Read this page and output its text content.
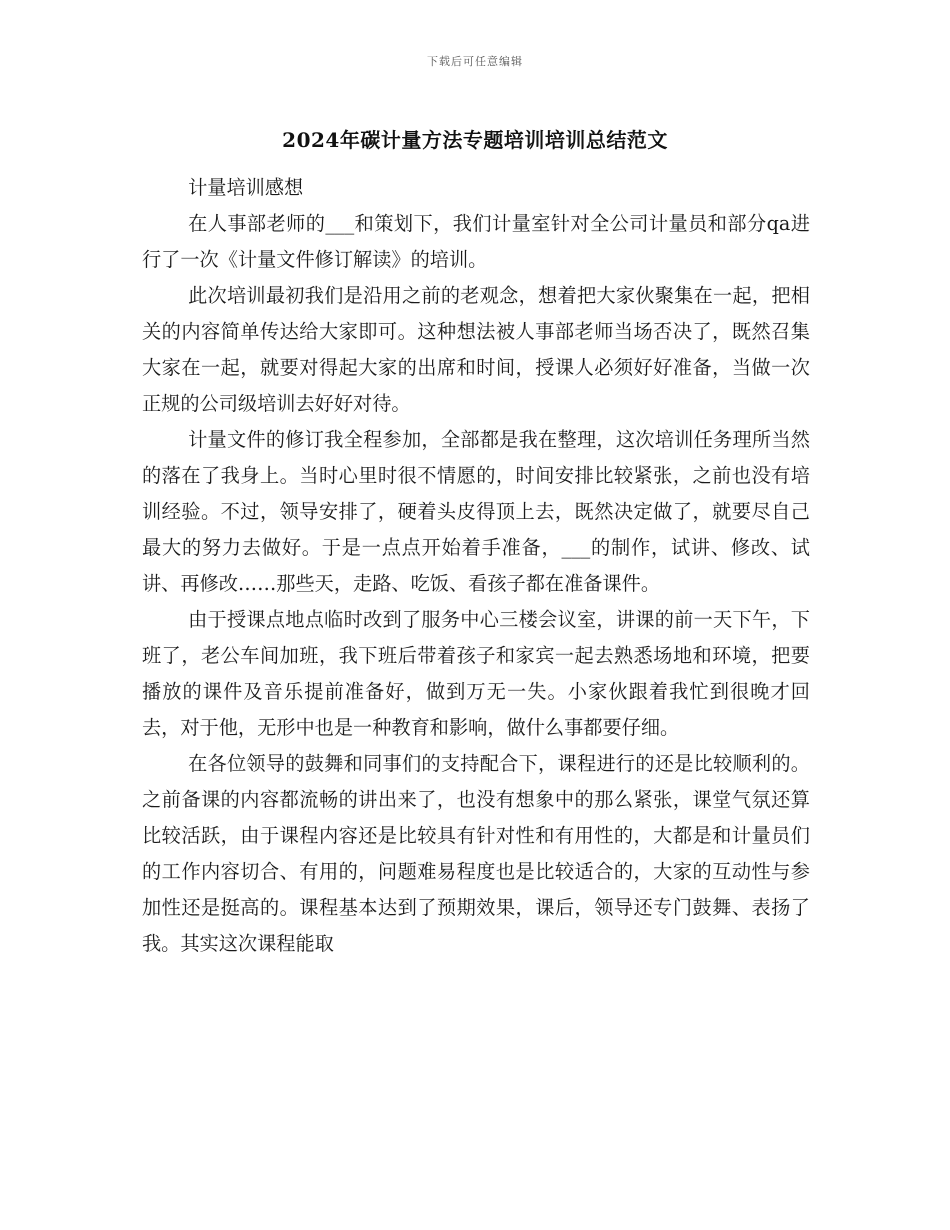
下载后可任意编辑
2024年碳计量方法专题培训培训总结范文

计量培训感想

在人事部老师的___和策划下，我们计量室针对全公司计量员和部分qa进行了一次《计量文件修订解读》的培训。

此次培训最初我们是沿用之前的老观念，想着把大家伙聚集在一起，把相关的内容简单传达给大家即可。这种想法被人事部老师当场否决了，既然召集大家在一起，就要对得起大家的出席和时间，授课人必须好好准备，当做一次正规的公司级培训去好好对待。

计量文件的修订我全程参加，全部都是我在整理，这次培训任务理所当然的落在了我身上。当时心里时很不情愿的，时间安排比较紧张，之前也没有培训经验。不过，领导安排了，硬着头皮得顶上去，既然决定做了，就要尽自己最大的努力去做好。于是一点点开始着手准备，___的制作，试讲、修改、试讲、再修改……那些天，走路、吃饭、看孩子都在准备课件。

由于授课点地点临时改到了服务中心三楼会议室，讲课的前一天下午，下班了，老公车间加班，我下班后带着孩子和家宾一起去熟悉场地和环境，把要播放的课件及音乐提前准备好，做到万无一失。小家伙跟着我忙到很晚才回去，对于他，无形中也是一种教育和影响，做什么事都要仔细。

在各位领导的鼓舞和同事们的支持配合下，课程进行的还是比较顺利的。之前备课的内容都流畅的讲出来了，也没有想象中的那么紧张，课堂气氛还算比较活跃，由于课程内容还是比较具有针对性和有用性的，大都是和计量员们的工作内容切合、有用的，问题难易程度也是比较适合的，大家的互动性与参加性还是挺高的。课程基本达到了预期效果，课后，领导还专门鼓舞、表扬了我。其实这次课程能取
